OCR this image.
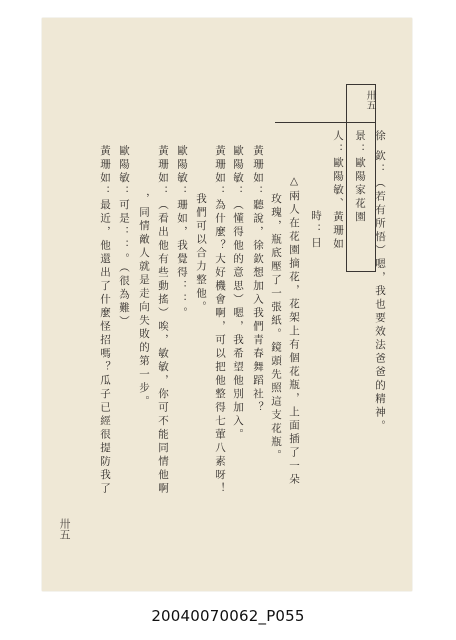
卅五
卅五
徐 欽：（若有所悟）嗯，我也要效法爸爸的精神。
景：歐陽家花園
人：歐陽敏、黃珊如
時：日
△兩人在花園摘花，花架上有個花瓶，上面插了一朵
玫瑰，瓶底壓了一張紙。鏡頭先照這支花瓶。
黃珊如：聽說，徐欽想加入我們青春舞蹈社？
歐陽敏：（懂得他的意思）嗯，我希望他別加入。
黃珊如：為什麼？大好機會啊，可以把他整得七葷八素呀！
我們可以合力整他。
歐陽敏：珊如，我覺得：：。
黃珊如：（看出他有些動搖）唉，敏敏，你可不能同情他啊
，同情敵人就是走向失敗的第一步。
歐陽敏：可是：：。（很為難）
黃珊如：最近，他還出了什麼怪招嗎？瓜子已經很提防我了
20040070062_P055
